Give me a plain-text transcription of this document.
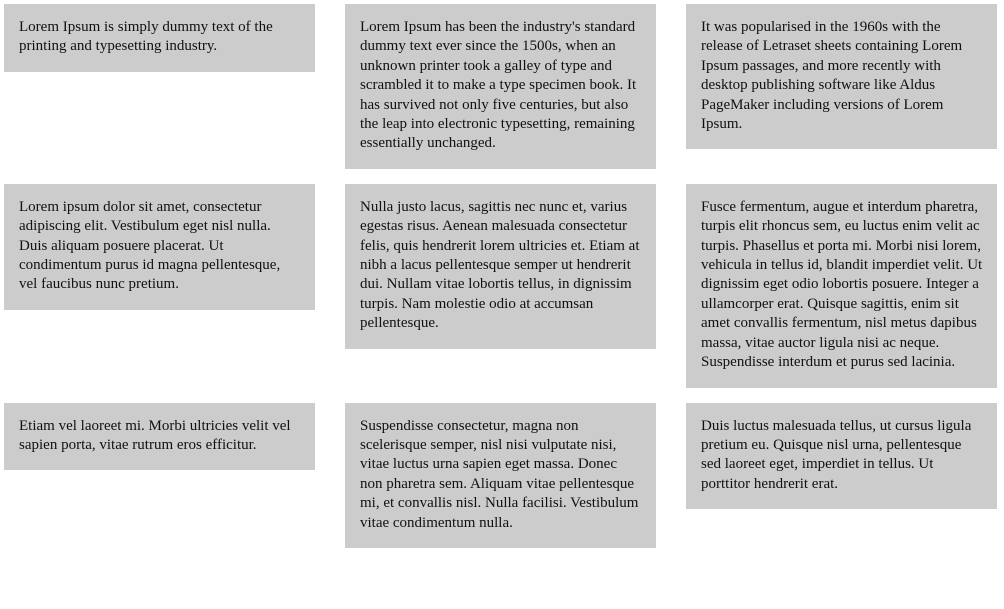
Lorem Ipsum is simply dummy text of the printing and typesetting industry.

Lorem Ipsum has been the industry's standard dummy text ever since the 1500s, when an unknown printer took a galley of type and scrambled it to make a type specimen book. It has survived not only five centuries, but also the leap into electronic typesetting, remaining essentially unchanged.

It was popularised in the 1960s with the release of Letraset sheets containing Lorem Ipsum passages, and more recently with desktop publishing software like Aldus PageMaker including versions of Lorem Ipsum.

Lorem ipsum dolor sit amet, consectetur adipiscing elit. Vestibulum eget nisl nulla. Duis aliquam posuere placerat. Ut condimentum purus id magna pellentesque, vel faucibus nunc pretium.

Nulla justo lacus, sagittis nec nunc et, varius egestas risus. Aenean malesuada consectetur felis, quis hendrerit lorem ultricies et. Etiam at nibh a lacus pellentesque semper ut hendrerit dui. Nullam vitae lobortis tellus, in dignissim turpis. Nam molestie odio at accumsan pellentesque.

Fusce fermentum, augue et interdum pharetra, turpis elit rhoncus sem, eu luctus enim velit ac turpis. Phasellus et porta mi. Morbi nisi lorem, vehicula in tellus id, blandit imperdiet velit. Ut dignissim eget odio lobortis posuere. Integer a ullamcorper erat. Quisque sagittis, enim sit amet convallis fermentum, nisl metus dapibus massa, vitae auctor ligula nisi ac neque. Suspendisse interdum et purus sed lacinia.

Etiam vel laoreet mi. Morbi ultricies velit vel sapien porta, vitae rutrum eros efficitur.

Suspendisse consectetur, magna non scelerisque semper, nisl nisi vulputate nisi, vitae luctus urna sapien eget massa. Donec non pharetra sem. Aliquam vitae pellentesque mi, et convallis nisl. Nulla facilisi. Vestibulum vitae condimentum nulla.

Duis luctus malesuada tellus, ut cursus ligula pretium eu. Quisque nisl urna, pellentesque sed laoreet eget, imperdiet in tellus. Ut porttitor hendrerit erat.
